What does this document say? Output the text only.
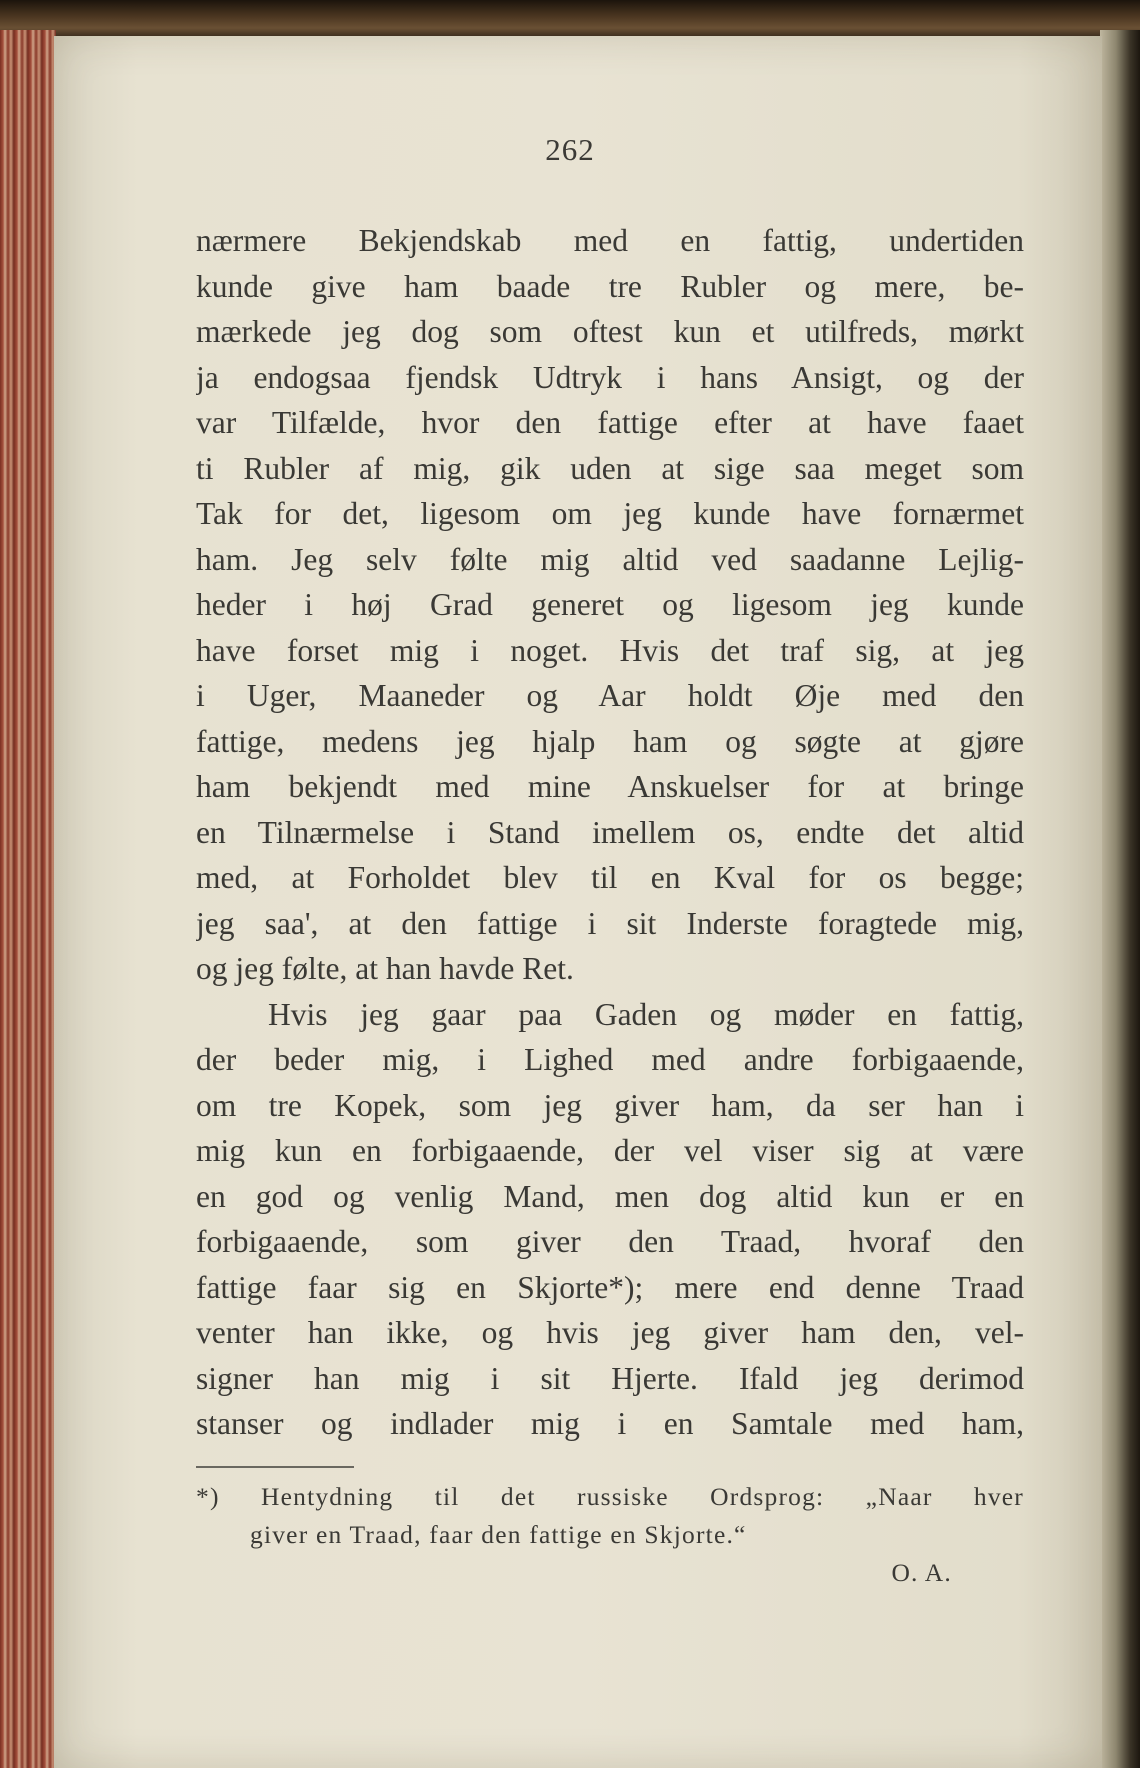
262
nærmere Bekjendskab med en fattig, undertiden
kunde give ham baade tre Rubler og mere, be-
mærkede jeg dog som oftest kun et utilfreds, mørkt
ja endogsaa fjendsk Udtryk i hans Ansigt, og der
var Tilfælde, hvor den fattige efter at have faaet
ti Rubler af mig, gik uden at sige saa meget som
Tak for det, ligesom om jeg kunde have fornærmet
ham. Jeg selv følte mig altid ved saadanne Lejlig-
heder i høj Grad generet og ligesom jeg kunde
have forset mig i noget. Hvis det traf sig, at jeg
i Uger, Maaneder og Aar holdt Øje med den
fattige, medens jeg hjalp ham og søgte at gjøre
ham bekjendt med mine Anskuelser for at bringe
en Tilnærmelse i Stand imellem os, endte det altid
med, at Forholdet blev til en Kval for os begge;
jeg saa', at den fattige i sit Inderste foragtede mig,
og jeg følte, at han havde Ret.
Hvis jeg gaar paa Gaden og møder en fattig,
der beder mig, i Lighed med andre forbigaaende,
om tre Kopek, som jeg giver ham, da ser han i
mig kun en forbigaaende, der vel viser sig at være
en god og venlig Mand, men dog altid kun er en
forbigaaende, som giver den Traad, hvoraf den
fattige faar sig en Skjorte*); mere end denne Traad
venter han ikke, og hvis jeg giver ham den, vel-
signer han mig i sit Hjerte. Ifald jeg derimod
stanser og indlader mig i en Samtale med ham,
*) Hentydning til det russiske Ordsprog: „Naar hver
giver en Traad, faar den fattige en Skjorte.“
O. A.
